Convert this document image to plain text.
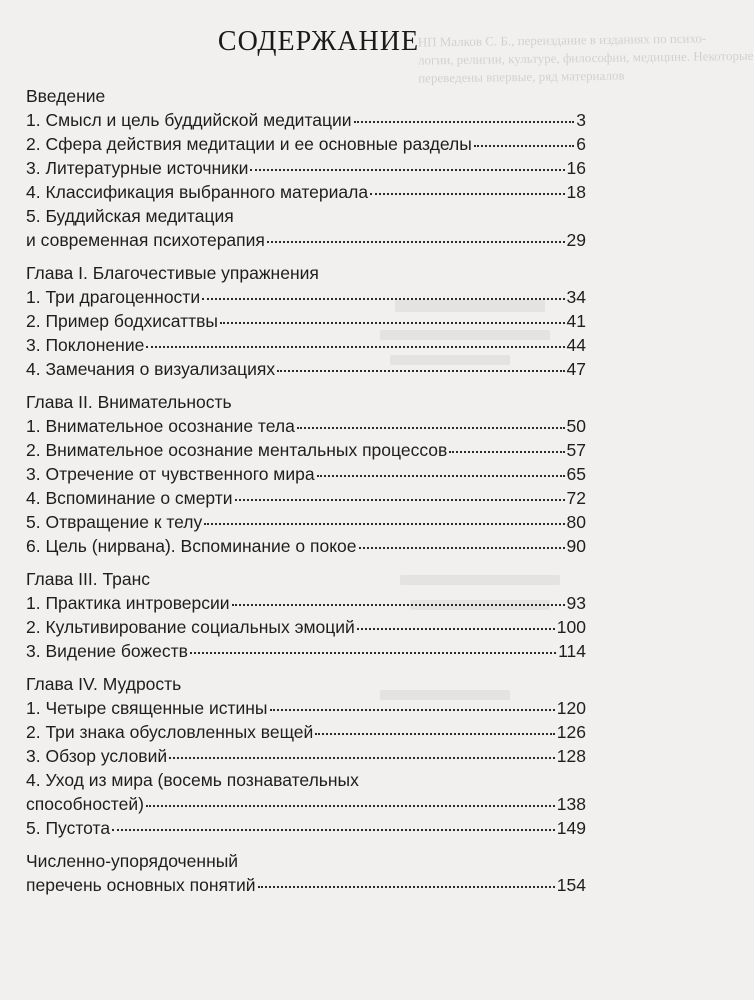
НП Малков С. Б., переиздание в изданиях по психо-
логии, религии, культуре, философии, медицине. Некоторые
переведены впервые, ряд материалов
СОДЕРЖАНИЕ
Введение
1. Смысл и цель буддийской медитации	3
2. Сфера действия медитации и ее основные разделы	6
3. Литературные источники	16
4. Классификация выбранного материала	18
5. Буддийская медитация
и современная психотерапия	29
Глава I. Благочестивые упражнения
1. Три драгоценности	34
2. Пример бодхисаттвы	41
3. Поклонение	44
4. Замечания о визуализациях	47
Глава II. Внимательность
1. Внимательное осознание тела	50
2. Внимательное осознание ментальных процессов	57
3. Отречение от чувственного мира	65
4. Вспоминание о смерти	72
5. Отвращение к телу	80
6. Цель (нирвана). Вспоминание о покое	90
Глава III. Транс
1. Практика интроверсии	93
2. Культивирование социальных эмоций	100
3. Видение божеств	114
Глава IV. Мудрость
1. Четыре священные истины	120
2. Три знака обусловленных вещей	126
3. Обзор условий	128
4. Уход из мира (восемь познавательных
способностей)	138
5. Пустота	149
Численно-упорядоченный
перечень основных понятий	154
